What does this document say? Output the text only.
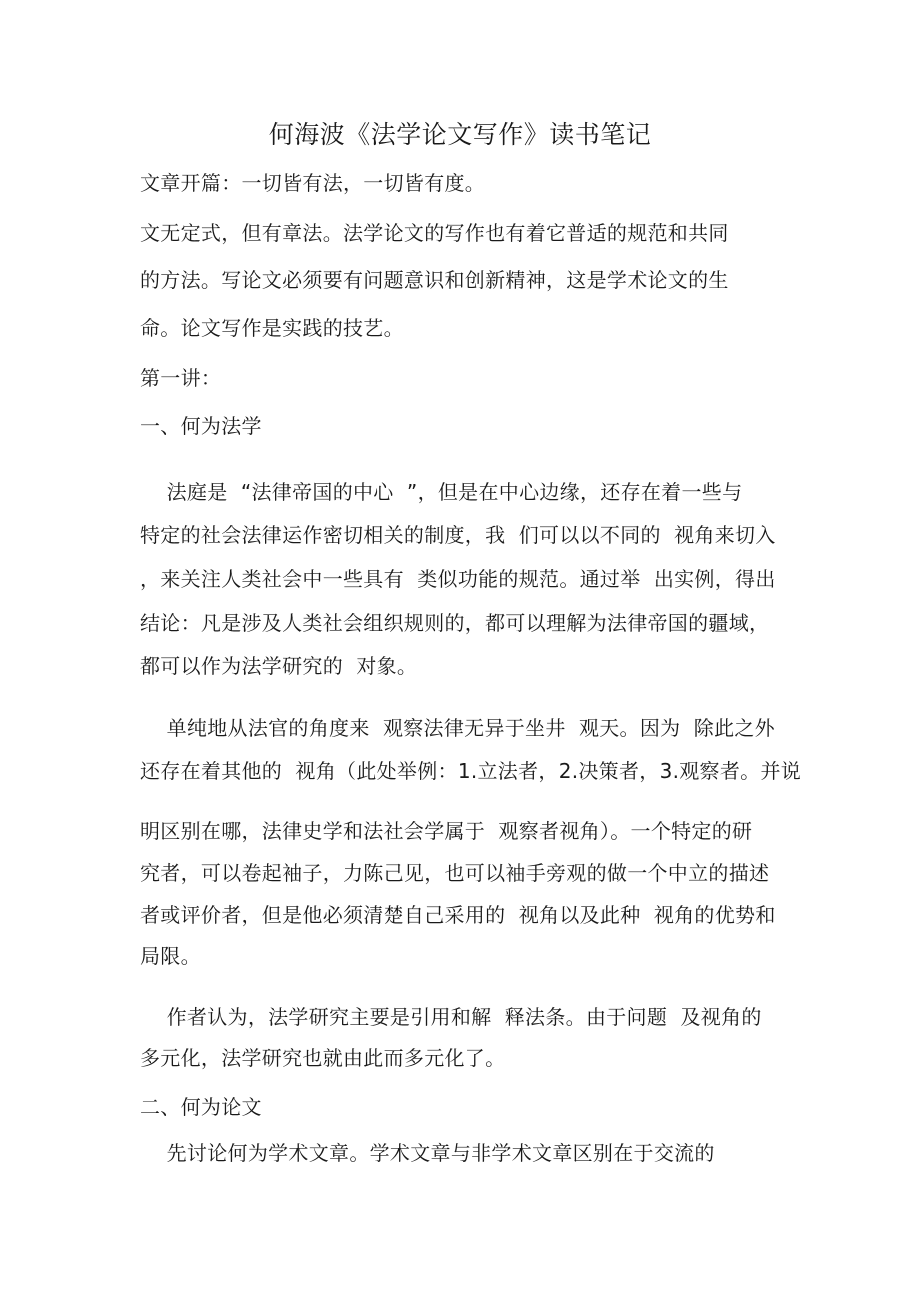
何海波《法学论文写作》读书笔记

文章开篇：一切皆有法，一切皆有度。

文无定式，但有章法。法学论文的写作也有着它普适的规范和共同

的方法。写论文必须要有问题意识和创新精神，这是学术论文的生

命。论文写作是实践的技艺。

第一讲：

一、何为法学

法庭是  “法律帝国的中心  ”，但是在中心边缘，还存在着一些与

特定的社会法律运作密切相关的制度，我  们可以以不同的  视角来切入

，来关注人类社会中一些具有  类似功能的规范。通过举  出实例，得出

结论：凡是涉及人类社会组织规则的，都可以理解为法律帝国的疆域，

都可以作为法学研究的  对象。

单纯地从法官的角度来  观察法律无异于坐井  观天。因为  除此之外

还存在着其他的  视角（此处举例：1.立法者，2.决策者，3.观察者。并说

明区别在哪，法律史学和法社会学属于  观察者视角）。一个特定的研

究者，可以卷起袖子，力陈己见，也可以袖手旁观的做一个中立的描述

者或评价者，但是他必须清楚自己采用的  视角以及此种  视角的优势和

局限。

作者认为，法学研究主要是引用和解  释法条。由于问题  及视角的

多元化，法学研究也就由此而多元化了。

二、何为论文

先讨论何为学术文章。学术文章与非学术文章区别在于交流的
